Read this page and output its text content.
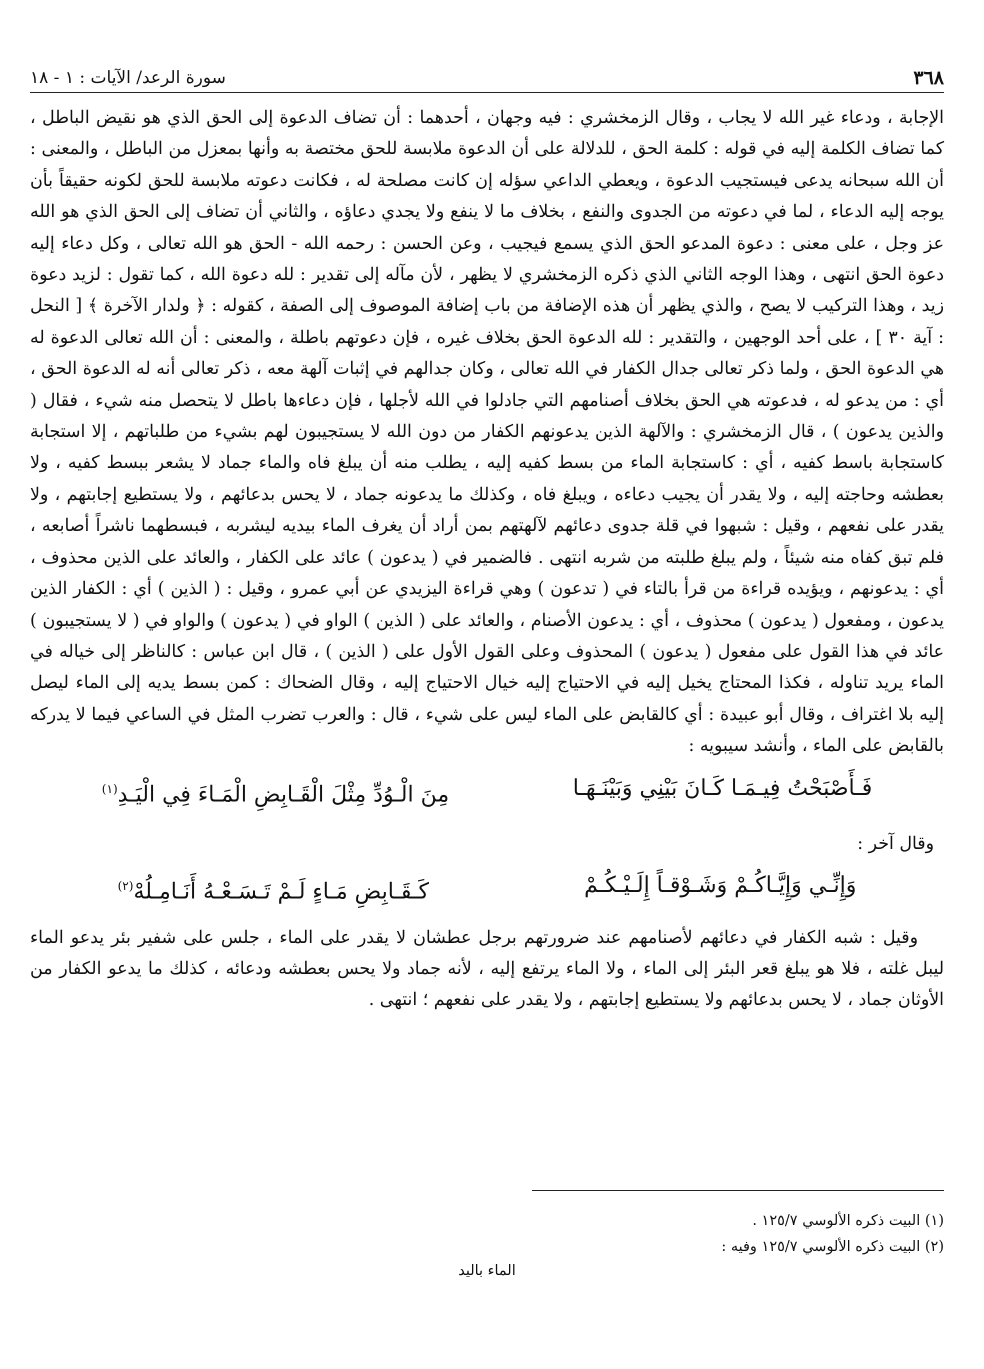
٣٦٨
سورة الرعد/ الآيات : ١ - ١٨

الإجابة ، ودعاء غير الله لا يجاب ، وقال الزمخشري : فيه وجهان ، أحدهما : أن تضاف الدعوة إلى الحق الذي هو نقيض الباطل ، كما تضاف الكلمة إليه في قوله : كلمة الحق ، للدلالة على أن الدعوة ملابسة للحق مختصة به وأنها بمعزل من الباطل ، والمعنى : أن الله سبحانه يدعى فيستجيب الدعوة ، ويعطي الداعي سؤله إن كانت مصلحة له ، فكانت دعوته ملابسة للحق لكونه حقيقاً بأن يوجه إليه الدعاء ، لما في دعوته من الجدوى والنفع ، بخلاف ما لا ينفع ولا يجدي دعاؤه ، والثاني أن تضاف إلى الحق الذي هو الله عز وجل ، على معنى : دعوة المدعو الحق الذي يسمع فيجيب ، وعن الحسن : رحمه الله - الحق هو الله تعالى ، وكل دعاء إليه دعوة الحق انتهى ، وهذا الوجه الثاني الذي ذكره الزمخشري لا يظهر ، لأن مآله إلى تقدير : لله دعوة الله ، كما تقول : لزيد دعوة زيد ، وهذا التركيب لا يصح ، والذي يظهر أن هذه الإضافة من باب إضافة الموصوف إلى الصفة ، كقوله : ﴿ ولدار الآخرة ﴾ [ النحل : آية ٣٠ ] ، على أحد الوجهين ، والتقدير : لله الدعوة الحق بخلاف غيره ، فإن دعوتهم باطلة ، والمعنى : أن الله تعالى الدعوة له هي الدعوة الحق ، ولما ذكر تعالى جدال الكفار في الله تعالى ، وكان جدالهم في إثبات آلهة معه ، ذكر تعالى أنه له الدعوة الحق ، أي : من يدعو له ، فدعوته هي الحق بخلاف أصنامهم التي جادلوا في الله لأجلها ، فإن دعاءها باطل لا يتحصل منه شيء ، فقال ( والذين يدعون ) ، قال الزمخشري : والآلهة الذين يدعونهم الكفار من دون الله لا يستجيبون لهم بشيء من طلباتهم ، إلا استجابة كاستجابة باسط كفيه ، أي : كاستجابة الماء من بسط كفيه إليه ، يطلب منه أن يبلغ فاه والماء جماد لا يشعر ببسط كفيه ، ولا بعطشه وحاجته إليه ، ولا يقدر أن يجيب دعاءه ، ويبلغ فاه ، وكذلك ما يدعونه جماد ، لا يحس بدعائهم ، ولا يستطيع إجابتهم ، ولا يقدر على نفعهم ، وقيل : شبهوا في قلة جدوى دعائهم لآلهتهم بمن أراد أن يغرف الماء بيديه ليشربه ، فبسطهما ناشراً أصابعه ، فلم تبق كفاه منه شيئاً ، ولم يبلغ طلبته من شربه انتهى . فالضمير في ( يدعون ) عائد على الكفار ، والعائد على الذين محذوف ، أي : يدعونهم ، ويؤيده قراءة من قرأ بالتاء في ( تدعون ) وهي قراءة اليزيدي عن أبي عمرو ، وقيل : ( الذين ) أي : الكفار الذين يدعون ، ومفعول ( يدعون ) محذوف ، أي : يدعون الأصنام ، والعائد على ( الذين ) الواو في ( يدعون ) والواو في ( لا يستجيبون ) عائد في هذا القول على مفعول ( يدعون ) المحذوف وعلى القول الأول على ( الذين ) ، قال ابن عباس : كالناظر إلى خياله في الماء يريد تناوله ، فكذا المحتاج يخيل إليه في الاحتياج إليه خيال الاحتياج إليه ، وقال الضحاك : كمن بسط يديه إلى الماء ليصل إليه بلا اغتراف ، وقال أبو عبيدة : أي كالقابض على الماء ليس على شيء ، قال : والعرب تضرب المثل في الساعي فيما لا يدركه بالقابض على الماء ، وأنشد سيبويه :

فَـأَصْبَحْتُ فِيـمَـا كَـانَ بَيْنِي وَبَيْنَـهَـا
مِنَ الْـوُدِّ مِثْلَ الْقَـابِضِ الْمَـاءَ فِي الْيَـدِ$^{(١)}$
وقال آخر :
وَإِنِّـي وَإِيَّـاكُـمْ وَشَـوْقـاً إِلَـيْـكُـمْ
كَـقَـابِضِ مَـاءٍ لَـمْ تَـسَـعْـهُ أَنَـامِـلُهْ$^{(٢)}$

وقيل : شبه الكفار في دعائهم لأصنامهم عند ضرورتهم برجل عطشان لا يقدر على الماء ، جلس على شفير بئر يدعو الماء ليبل غلته ، فلا هو يبلغ قعر البئر إلى الماء ، ولا الماء يرتفع إليه ، لأنه جماد ولا يحس بعطشه ودعائه ، كذلك ما يدعو الكفار من الأوثان جماد ، لا يحس بدعائهم ولا يستطيع إجابتهم ، ولا يقدر على نفعهم ؛ انتهى .

(١) البيت ذكره الألوسي ١٢٥/٧ .

(٢) البيت ذكره الألوسي ١٢٥/٧ وفيه :

الماء باليد
